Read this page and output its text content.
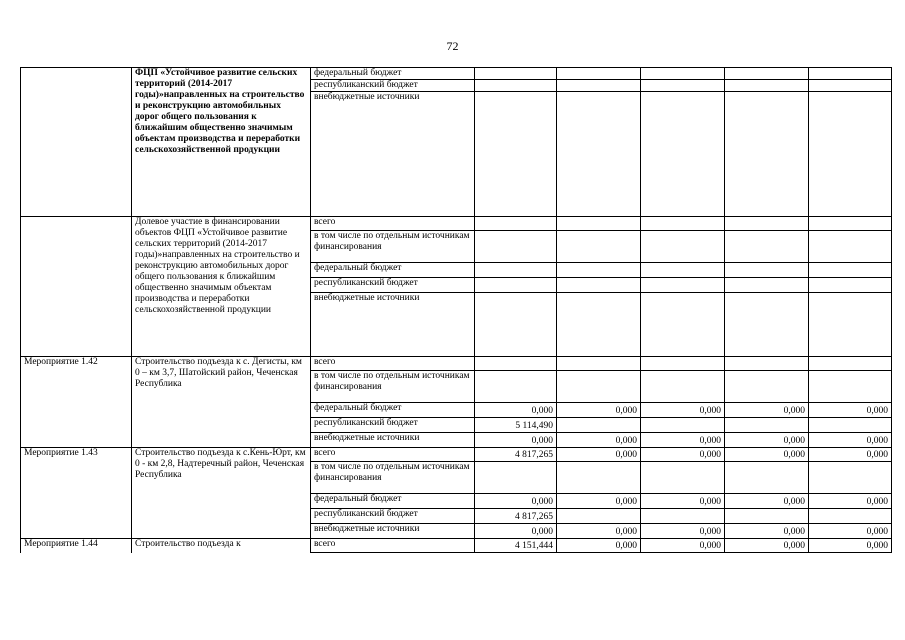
72
	ФЦП «Устойчивое развитие сельских территорий (2014-2017 годы)»направленных на строительство и реконструкцию автомобильных дорог общего пользования к ближайшим общественно значимым объектам производства и переработки сельскохозяйственной продукции	федеральный бюджет						
		республиканский бюджет						
		внебюджетные источники						
	Долевое участие в финансировании объектов ФЦП «Устойчивое развитие сельских территорий (2014-2017 годы)»направленных на строительство и реконструкцию автомобильных дорог общего пользования к ближайшим общественно значимым объектам производства и переработки сельскохозяйственной продукции	всего						
		в том числе по отдельным источникам финансирования						
		федеральный бюджет						
		республиканский бюджет						
		внебюджетные источники						
Мероприятие 1.42	Строительство подъезда к с. Дегисты, км 0 – км 3,7, Шатойский район, Чеченская Республика	всего						
		в том числе по отдельным источникам финансирования						
		федеральный бюджет	0,000	0,000	0,000	0,000	0,000	
		республиканский бюджет	5 114,490					
		внебюджетные источники	0,000	0,000	0,000	0,000	0,000	
Мероприятие 1.43	Строительство подъезда к с.Кень-Юрт, км 0 - км 2,8, Надтеречный район, Чеченская Республика	всего	4 817,265	0,000	0,000	0,000	0,000	
		в том числе по отдельным источникам финансирования						
		федеральный бюджет	0,000	0,000	0,000	0,000	0,000	
		республиканский бюджет	4 817,265					
		внебюджетные источники	0,000	0,000	0,000	0,000	0,000	
Мероприятие 1.44	Строительство подъезда к	всего	4 151,444	0,000	0,000	0,000	0,000	
